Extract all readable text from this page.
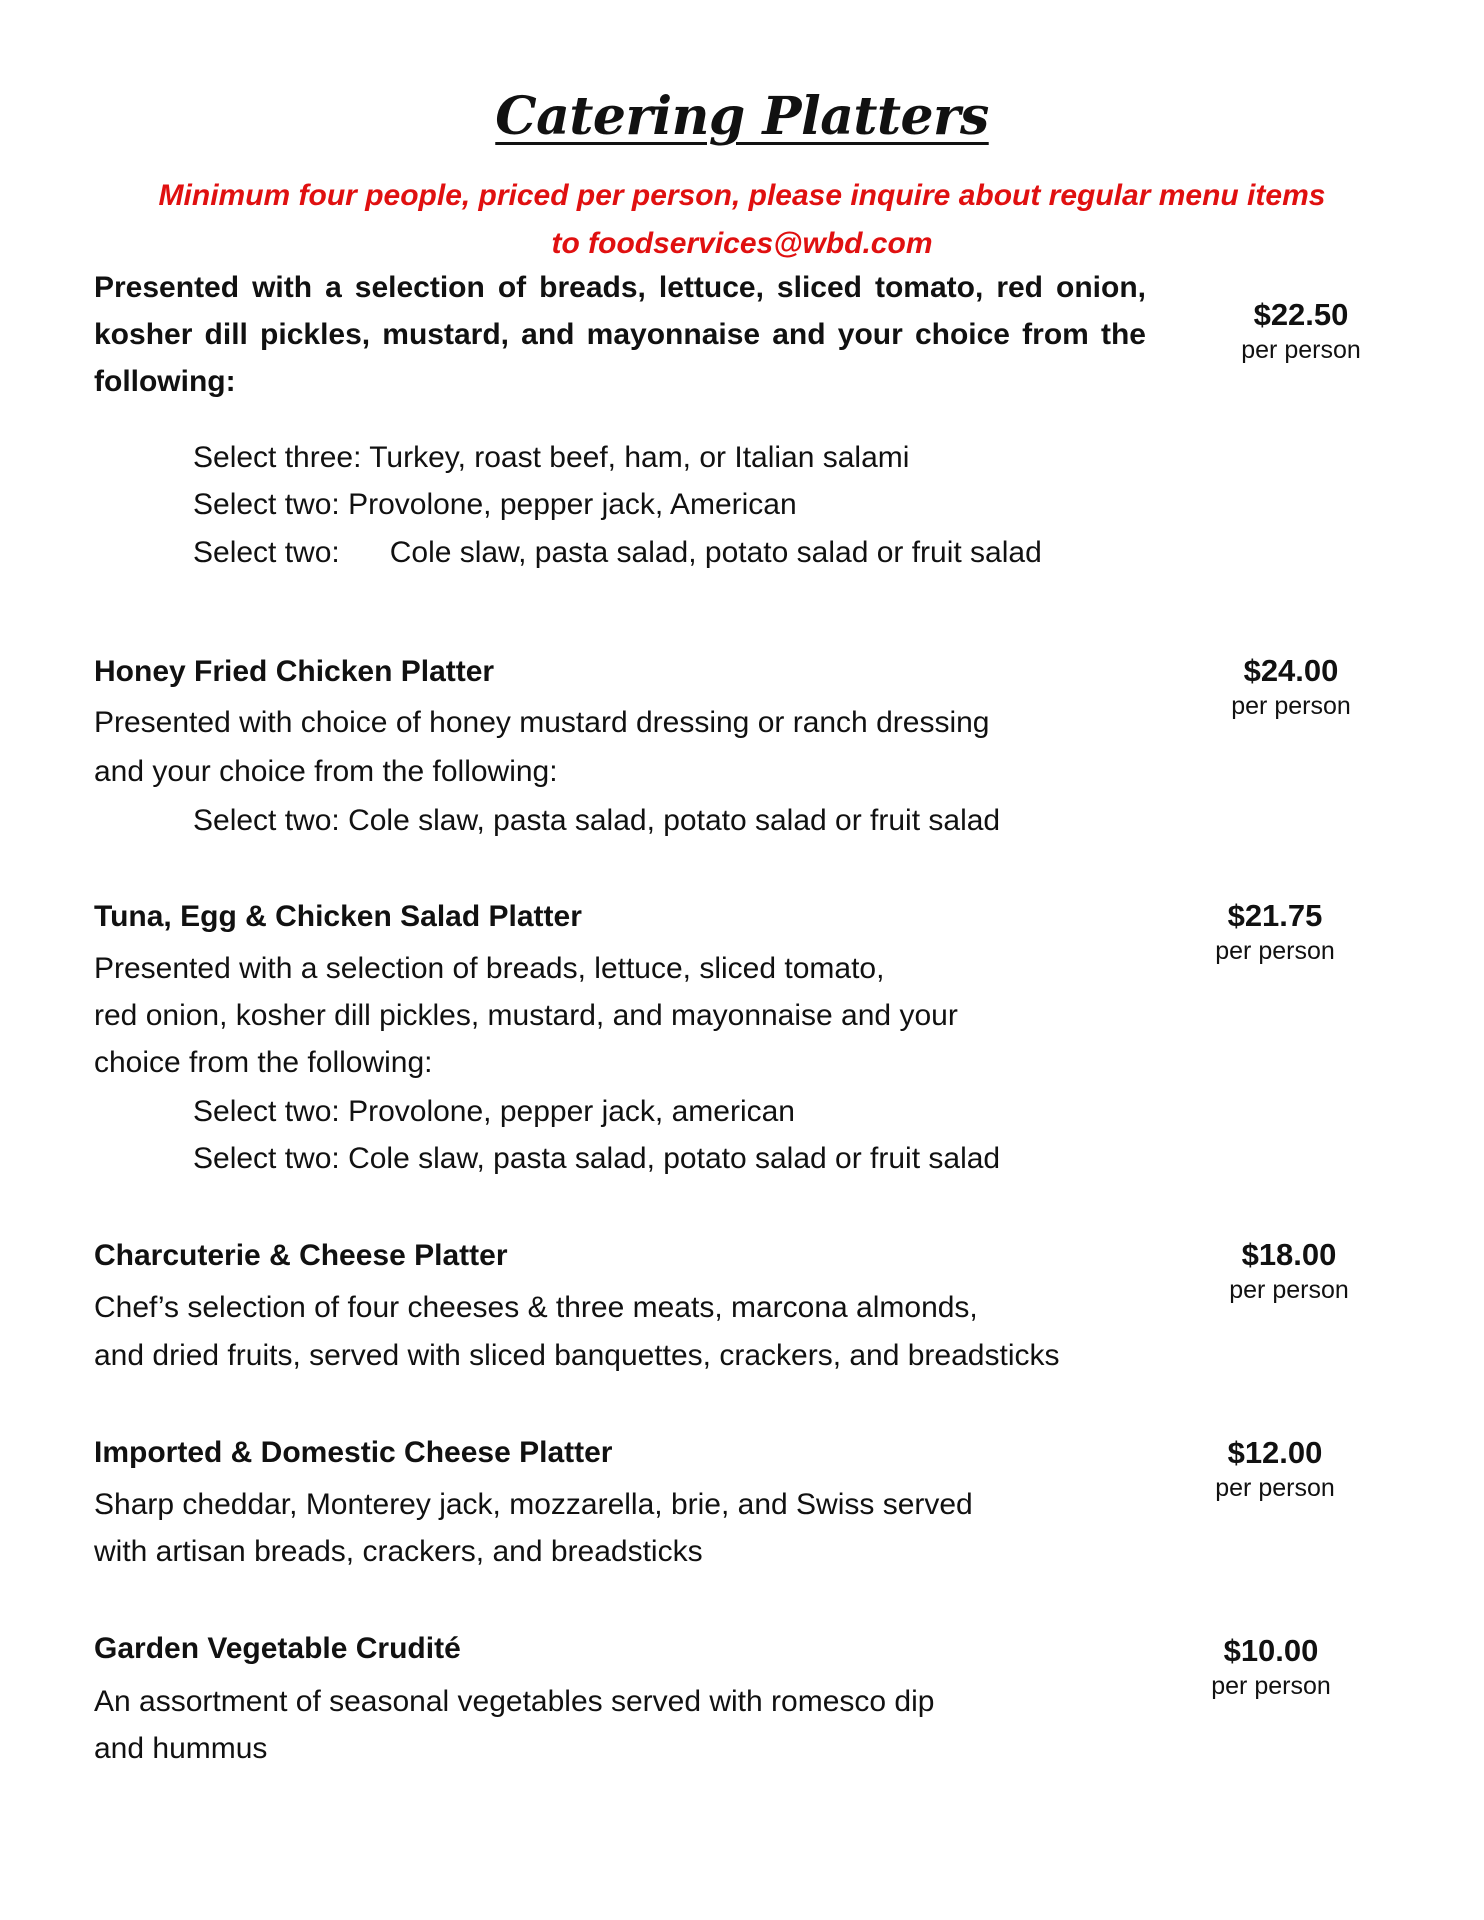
Catering Platters
Minimum four people, priced per person, please inquire about regular menu items
to foodservices@wbd.com
Presented with a selection of breads, lettuce, sliced tomato, red onion, kosher dill pickles, mustard, and mayonnaise and your choice from the following:
$22.50
per person
Select three: Turkey, roast beef, ham, or Italian salami
Select two: Provolone, pepper jack, American
Select two: Cole slaw, pasta salad, potato salad or fruit salad
Honey Fried Chicken Platter	$24.00
per person
Presented with choice of honey mustard dressing or ranch dressing
and your choice from the following:
Select two: Cole slaw, pasta salad, potato salad or fruit salad
Tuna, Egg & Chicken Salad Platter	$21.75
per person
Presented with a selection of breads, lettuce, sliced tomato,
red onion, kosher dill pickles, mustard, and mayonnaise and your
choice from the following:
Select two: Provolone, pepper jack, american
Select two: Cole slaw, pasta salad, potato salad or fruit salad
Charcuterie & Cheese Platter	$18.00
per person
Chef’s selection of four cheeses & three meats, marcona almonds,
and dried fruits, served with sliced banquettes, crackers, and breadsticks
Imported & Domestic Cheese Platter	$12.00
per person
Sharp cheddar, Monterey jack, mozzarella, brie, and Swiss served
with artisan breads, crackers, and breadsticks
Garden Vegetable Crudité	$10.00
per person
An assortment of seasonal vegetables served with romesco dip
and hummus
